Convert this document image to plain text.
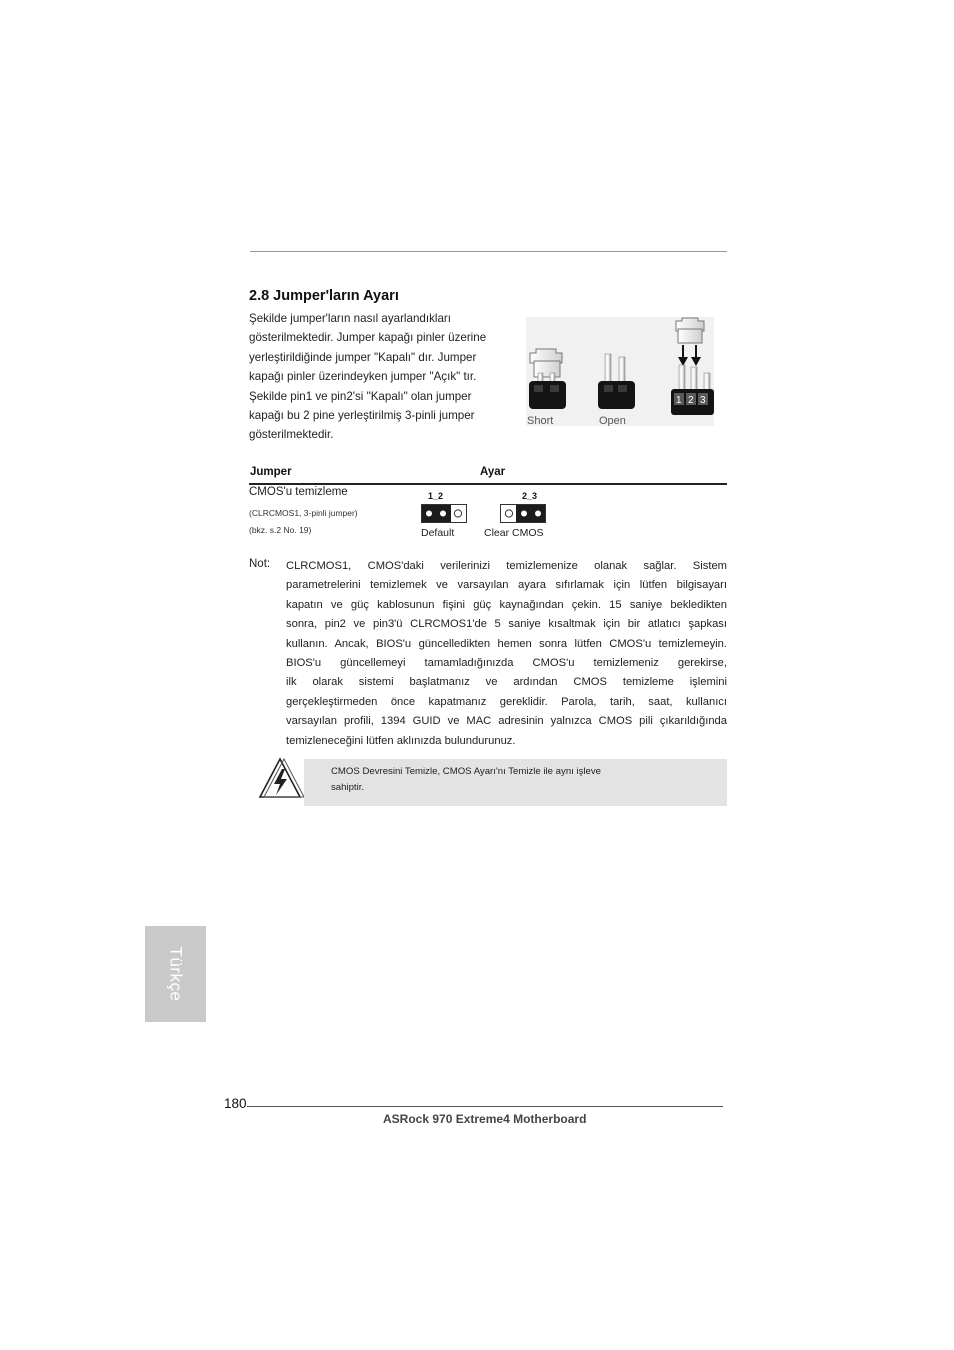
2.8 Jumper'ların Ayarı

Şekilde jumper'ların nasıl ayarlandıkları
gösterilmektedir. Jumper kapağı pinler üzerine
yerleştirildiğinde jumper "Kapalı" dır. Jumper
kapağı pinler üzerindeyken jumper "Açık" tır.
Şekilde pin1 ve pin2'si "Kapalı" olan jumper
kapağı bu 2 pine yerleştirilmiş 3-pinli jumper
gösterilmektedir.

1 2 3
Short	Open
Jumper	Ayar
CMOS'u temizleme
(CLRCMOS1, 3-pinli jumper)
(bkz. s.2 No. 19)
1_2	2_3
Default	Clear CMOS
Not: CLRCMOS1, CMOS'daki verilerinizi temizlemenize olanak sağlar. Sistem
parametrelerini temizlemek ve varsayılan ayara sıfırlamak için lütfen bilgisayarı
kapatın ve güç kablosunun fişini güç kaynağından çekin. 15 saniye bekledikten
sonra, pin2 ve pin3'ü CLRCMOS1'de 5 saniye kısaltmak için bir atlatıcı şapkası
kullanın. Ancak, BIOS'u güncelledikten hemen sonra lütfen CMOS'u temizlemeyin.
BIOS'u güncellemeyi tamamladığınızda CMOS'u temizlemeniz gerekirse,
ilk olarak sistemi başlatmanız ve ardından CMOS temizleme işlemini
gerçekleştirmeden önce kapatmanız gereklidir. Parola, tarih, saat, kullanıcı
varsayılan profili, 1394 GUID ve MAC adresinin yalnızca CMOS pili çıkarıldığında
temizleneceğini lütfen aklınızda bulundurunuz.
CMOS Devresini Temizle, CMOS Ayarı'nı Temizle ile aynı işleve
sahiptir.
Türkçe
180
ASRock 970 Extreme4 Motherboard
